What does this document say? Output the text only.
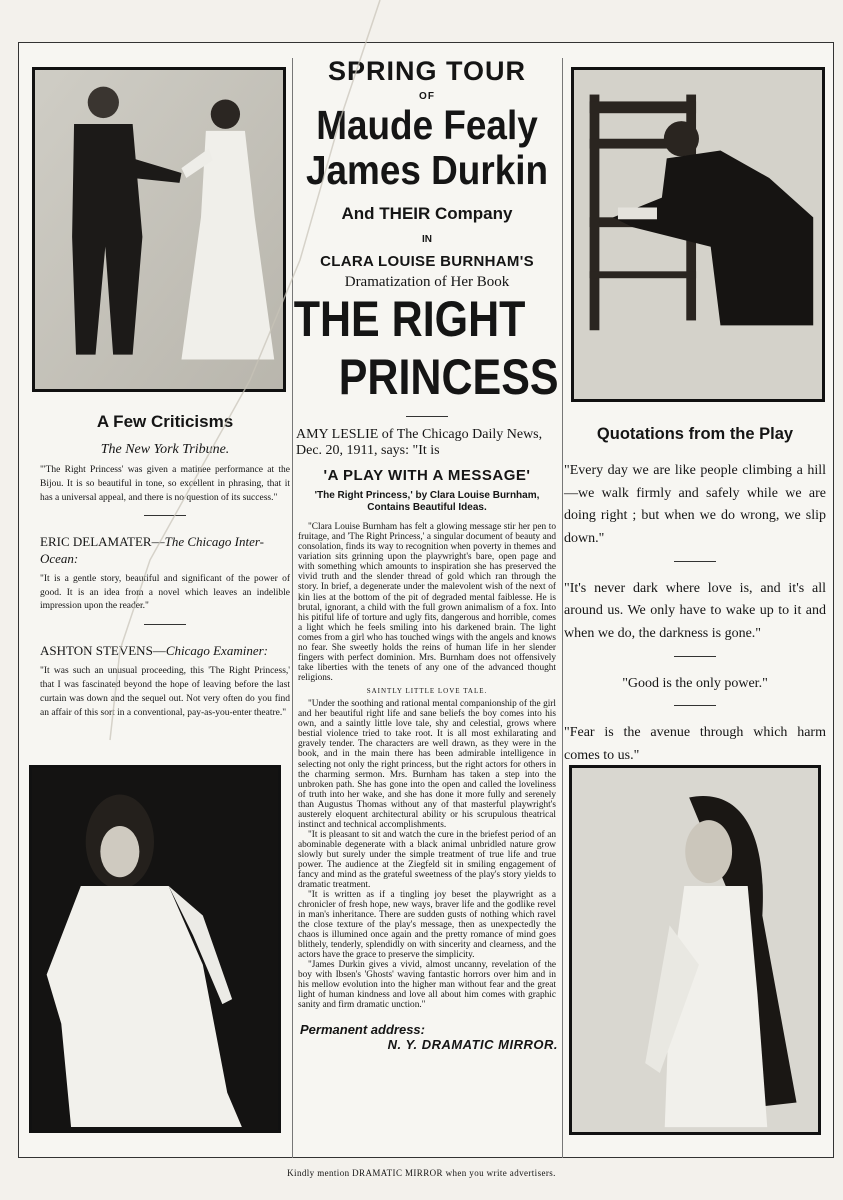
SPRING TOUR
OF
Maude Fealy
James Durkin
And THEIR Company
IN
CLARA LOUISE BURNHAM'S
Dramatization of Her Book
THE RIGHT
PRINCESS
AMY LESLIE of The Chicago Daily News, Dec. 20, 1911, says: "It is
'A PLAY WITH A MESSAGE'
'The Right Princess,' by Clara Louise Burnham, Contains Beautiful Ideas.

"Clara Louise Burnham has felt a glowing message stir her pen to fruitage, and 'The Right Princess,' a singular document of beauty and consolation, finds its way to recognition when poverty in themes and variation sits grinning upon the playwright's bare, open page and with something which amounts to inspiration she has preserved the vivid truth and the slender thread of gold which ran through the story. In brief, a degenerate under the malevolent wish of the next of kin lies at the bottom of the pit of degraded mental faiblesse. He is brutal, ignorant, a child with the full grown animalism of a fox. Into his pitiful life of torture and ugly fits, dangerous and horrible, comes a light which he feels smiling into his darkened brain. The light comes from a girl who has touched wings with the angels and knows no fear. She sweetly holds the reins of human life in her slender fingers with perfect dominion. Mrs. Burnham does not offensively take liberties with the tenets of any one of the advanced thought religions.

SAINTLY LITTLE LOVE TALE.

"Under the soothing and rational mental companionship of the girl and her beautiful right life and sane beliefs the boy comes into his own, and a saintly little love tale, shy and celestial, grows where bestial violence tried to take root. It is all most exhilarating and gravely tender. The characters are well drawn, as they were in the book, and in the main there has been admirable intelligence in selecting not only the right princess, but the right actors for others in the charming sermon. Mrs. Burnham has taken a step into the unbroken path. She has gone into the open and called the loveliness of truth into her wake, and she has done it more fully and serenely than Augustus Thomas without any of that masterful playwright's austerely eloquent architectural ability or his scrupulous theatrical instinct and technical accomplishments.

"It is pleasant to sit and watch the cure in the briefest period of an abominable degenerate with a black animal unbridled nature grow slowly but surely under the simple treatment of true life and true power. The audience at the Ziegfeld sit in smiling engagement of fancy and mind as the grateful sweetness of the play's story yields to dramatic treatment.

"It is written as if a tingling joy beset the playwright as a chronicler of fresh hope, new ways, braver life and the godlike revel in man's inheritance. There are sudden gusts of nothing which ravel the close texture of the play's message, then as unexpectedly the chaos is illumined once again and the pretty romance of mind goes blithely, tenderly, splendidly on with sincerity and clearness, and the actors have the grace to preserve the simplicity.

"James Durkin gives a vivid, almost uncanny, revelation of the boy with Ibsen's 'Ghosts' waving fantastic horrors over him and in his mellow evolution into the higher man without fear and the great light of human kindness and love all about him comes with graphic sanity and firm dramatic unction."

Permanent address:
N. Y. DRAMATIC MIRROR.
A Few Criticisms
The New York Tribune.
"'The Right Princess' was given a matinee performance at the Bijou. It is so beautiful in tone, so excellent in phrasing, that it has a universal appeal, and there is no question of its success."
ERIC DELAMATER—The Chicago Inter-Ocean:
"It is a gentle story, beautiful and significant of the power of good. It is an idea from a novel which leaves an indelible impression upon the reader."
ASHTON STEVENS—Chicago Examiner:
"It was such an unusual proceeding, this 'The Right Princess,' that I was fascinated beyond the hope of leaving before the last curtain was down and the sequel out. Not very often do you find an affair of this sort in a conventional, pay-as-you-enter theatre."
Quotations from the Play
"Every day we are like people climbing a hill—we walk firmly and safely while we are doing right ; but when we do wrong, we slip down."
"It's never dark where love is, and it's all around us. We only have to wake up to it and when we do, the darkness is gone."
"Good is the only power."
"Fear is the avenue through which harm comes to us."
Kindly mention DRAMATIC MIRROR when you write advertisers.
